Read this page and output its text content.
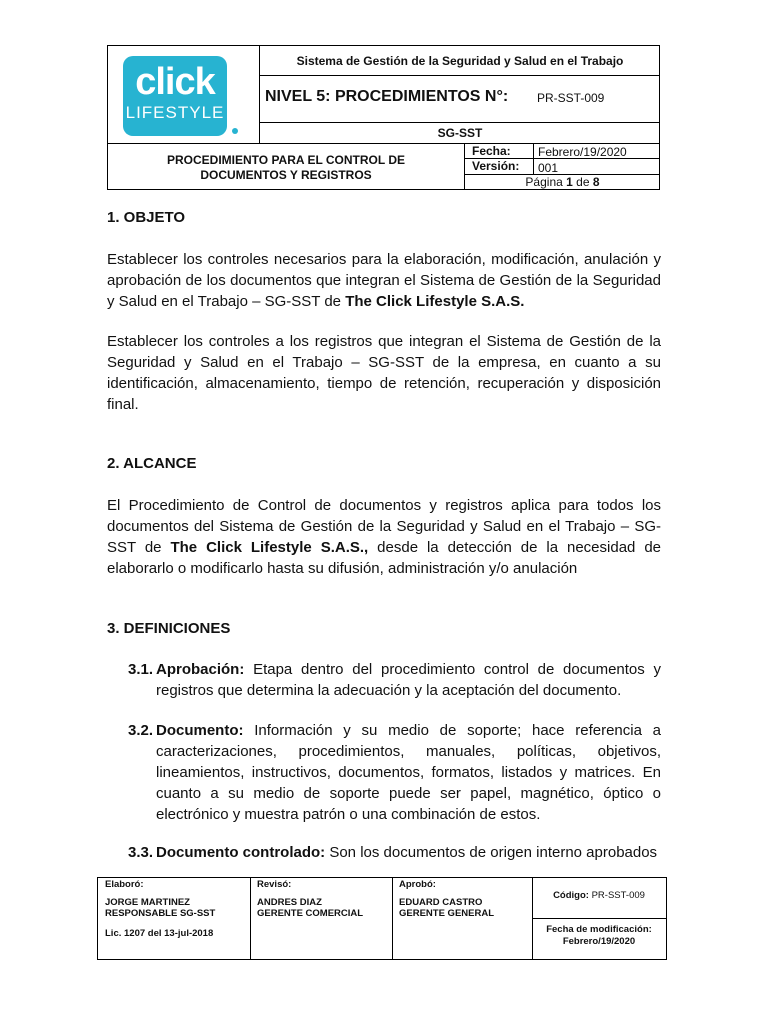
click
LIFESTYLE
Sistema de Gestión de la Seguridad y Salud en el Trabajo
NIVEL 5: PROCEDIMIENTOS N°: PR-SST-009
SG-SST
PROCEDIMIENTO PARA EL CONTROL DE
DOCUMENTOS Y REGISTROS
Fecha: Febrero/19/2020
Versión: 001
Página 1 de 8
1. OBJETO
Establecer los controles necesarios para la elaboración, modificación, anulación y aprobación de los documentos que integran el Sistema de Gestión de la Seguridad y Salud en el Trabajo – SG-SST de The Click Lifestyle S.A.S.
Establecer los controles a los registros que integran el Sistema de Gestión de la Seguridad y Salud en el Trabajo – SG-SST de la empresa, en cuanto a su identificación, almacenamiento, tiempo de retención, recuperación y disposición final.
2. ALCANCE
El Procedimiento de Control de documentos y registros aplica para todos los documentos del Sistema de Gestión de la Seguridad y Salud en el Trabajo – SG-SST de The Click Lifestyle S.A.S., desde la detección de la necesidad de elaborarlo o modificarlo hasta su difusión, administración y/o anulación
3. DEFINICIONES
3.1. Aprobación: Etapa dentro del procedimiento control de documentos y registros que determina la adecuación y la aceptación del documento.
3.2. Documento: Información y su medio de soporte; hace referencia a caracterizaciones, procedimientos, manuales, políticas, objetivos, lineamientos, instructivos, documentos, formatos, listados y matrices. En cuanto a su medio de soporte puede ser papel, magnético, óptico o electrónico y muestra patrón o una combinación de estos.
3.3. Documento controlado: Son los documentos de origen interno aprobados
Elaboró:
JORGE MARTINEZ
RESPONSABLE SG-SST
Lic. 1207 del 13-jul-2018
Revisó:
ANDRES DIAZ
GERENTE COMERCIAL
Aprobó:
EDUARD CASTRO
GERENTE GENERAL
Código: PR-SST-009
Fecha de modificación:
Febrero/19/2020
